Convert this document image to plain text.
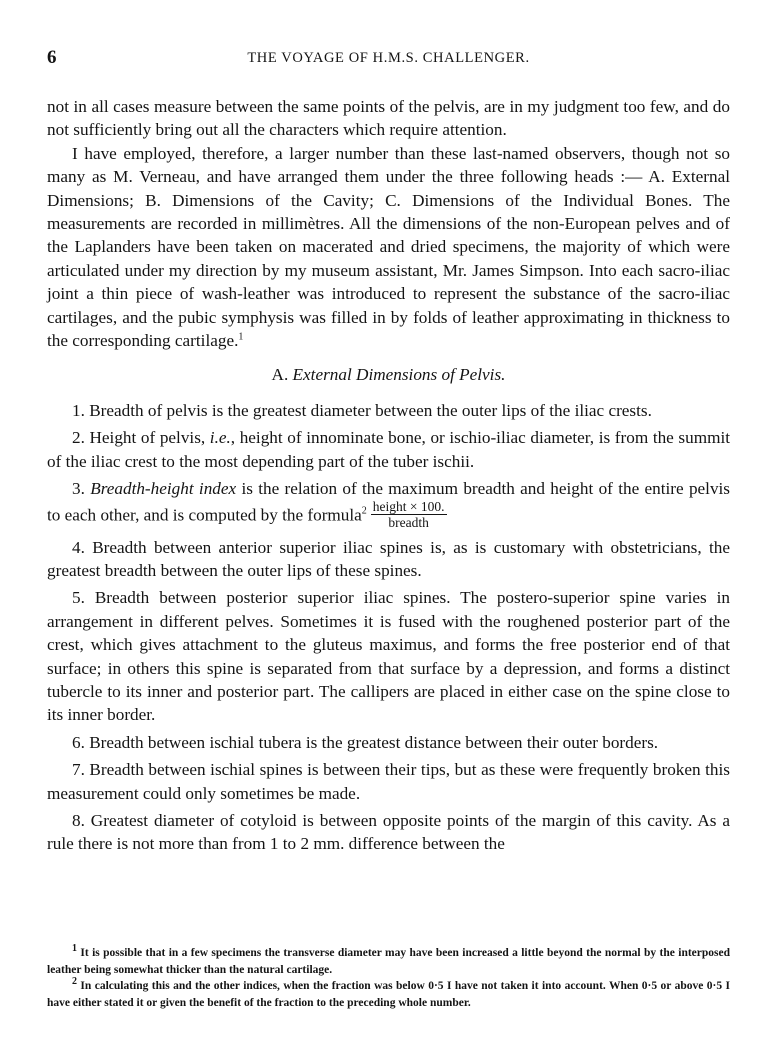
6	THE VOYAGE OF H.M.S. CHALLENGER.

not in all cases measure between the same points of the pelvis, are in my judgment too few, and do not sufficiently bring out all the characters which require attention.

I have employed, therefore, a larger number than these last-named observers, though not so many as M. Verneau, and have arranged them under the three following heads :— A. External Dimensions; B. Dimensions of the Cavity; C. Dimensions of the Individual Bones. The measurements are recorded in millimètres. All the dimensions of the non-European pelves and of the Laplanders have been taken on macerated and dried specimens, the majority of which were articulated under my direction by my museum assistant, Mr. James Simpson. Into each sacro-iliac joint a thin piece of wash-leather was introduced to represent the substance of the sacro-iliac cartilages, and the pubic symphysis was filled in by folds of leather approximating in thickness to the corresponding cartilage.$^1$

A. External Dimensions of Pelvis.

1. Breadth of pelvis is the greatest diameter between the outer lips of the iliac crests.

2. Height of pelvis, i.e., height of innominate bone, or ischio-iliac diameter, is from the summit of the iliac crest to the most depending part of the tuber ischii.

3. Breadth-height index is the relation of the maximum breadth and height of the entire pelvis to each other, and is computed by the formula$^2$ $\frac{\text{height × 100.}}{\text{breadth}}$

4. Breadth between anterior superior iliac spines is, as is customary with obstetricians, the greatest breadth between the outer lips of these spines.

5. Breadth between posterior superior iliac spines. The postero-superior spine varies in arrangement in different pelves. Sometimes it is fused with the roughened posterior part of the crest, which gives attachment to the gluteus maximus, and forms the free posterior end of that surface; in others this spine is separated from that surface by a depression, and forms a distinct tubercle to its inner and posterior part. The callipers are placed in either case on the spine close to its inner border.

6. Breadth between ischial tubera is the greatest distance between their outer borders.

7. Breadth between ischial spines is between their tips, but as these were frequently broken this measurement could only sometimes be made.

8. Greatest diameter of cotyloid is between opposite points of the margin of this cavity. As a rule there is not more than from 1 to 2 mm. difference between the

$^1$ It is possible that in a few specimens the transverse diameter may have been increased a little beyond the normal by the interposed leather being somewhat thicker than the natural cartilage.

$^2$ In calculating this and the other indices, when the fraction was below 0·5 I have not taken it into account. When 0·5 or above 0·5 I have either stated it or given the benefit of the fraction to the preceding whole number.
